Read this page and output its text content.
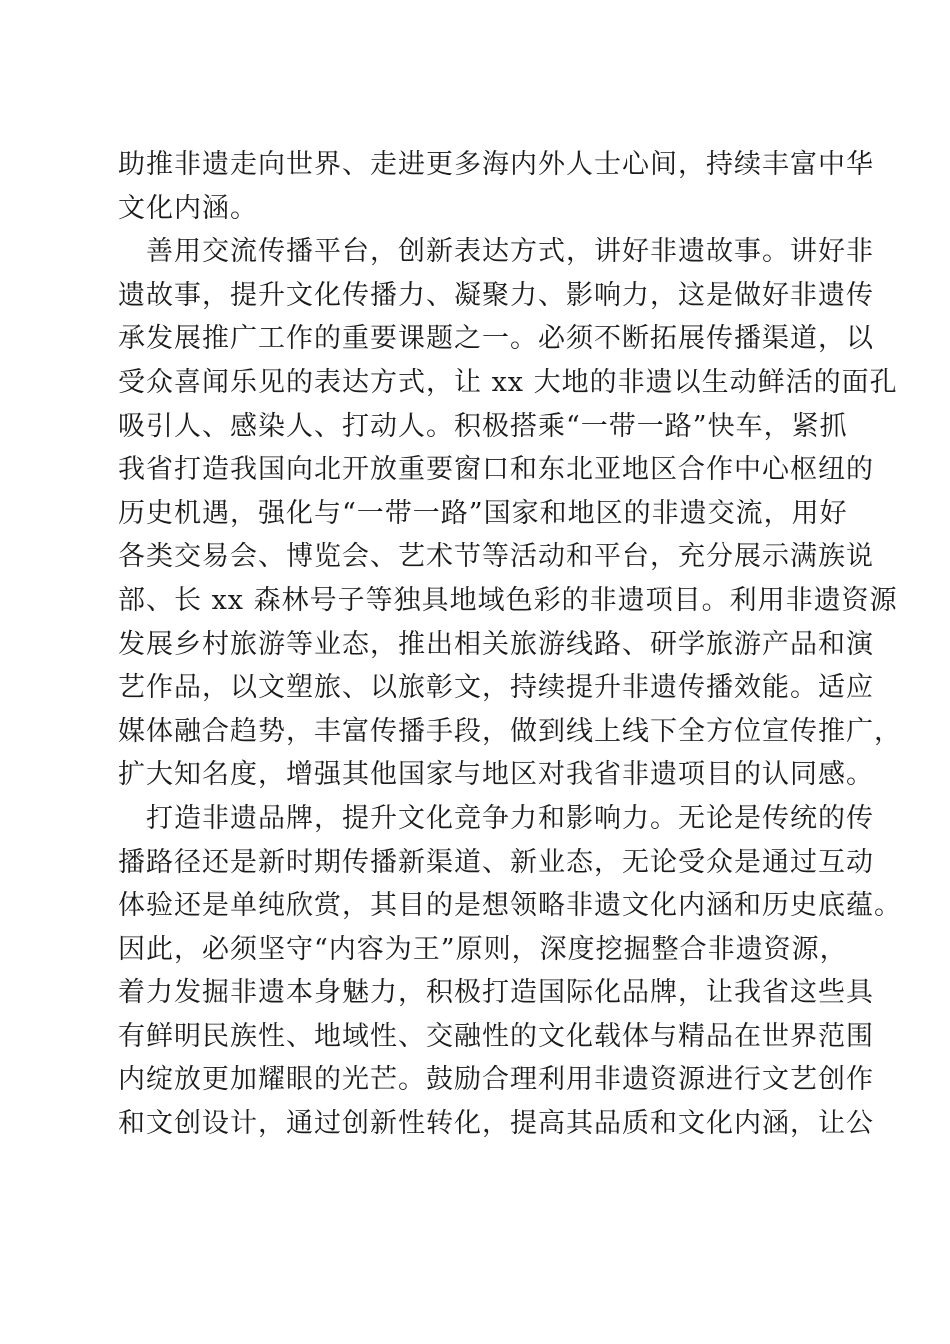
助推非遗走向世界、走进更多海内外人士心间，持续丰富中华
文化内涵。
　善用交流传播平台，创新表达方式，讲好非遗故事。讲好非
遗故事，提升文化传播力、凝聚力、影响力，这是做好非遗传
承发展推广工作的重要课题之一。必须不断拓展传播渠道，以
受众喜闻乐见的表达方式，让 xx 大地的非遗以生动鲜活的面孔
吸引人、感染人、打动人。积极搭乘“一带一路”快车，紧抓
我省打造我国向北开放重要窗口和东北亚地区合作中心枢纽的
历史机遇，强化与“一带一路”国家和地区的非遗交流，用好
各类交易会、博览会、艺术节等活动和平台，充分展示满族说
部、长 xx 森林号子等独具地域色彩的非遗项目。利用非遗资源
发展乡村旅游等业态，推出相关旅游线路、研学旅游产品和演
艺作品，以文塑旅、以旅彰文，持续提升非遗传播效能。适应
媒体融合趋势，丰富传播手段，做到线上线下全方位宣传推广，
扩大知名度，增强其他国家与地区对我省非遗项目的认同感。
　打造非遗品牌，提升文化竞争力和影响力。无论是传统的传
播路径还是新时期传播新渠道、新业态，无论受众是通过互动
体验还是单纯欣赏，其目的是想领略非遗文化内涵和历史底蕴。
因此，必须坚守“内容为王”原则，深度挖掘整合非遗资源，
着力发掘非遗本身魅力，积极打造国际化品牌，让我省这些具
有鲜明民族性、地域性、交融性的文化载体与精品在世界范围
内绽放更加耀眼的光芒。鼓励合理利用非遗资源进行文艺创作
和文创设计，通过创新性转化，提高其品质和文化内涵，让公
